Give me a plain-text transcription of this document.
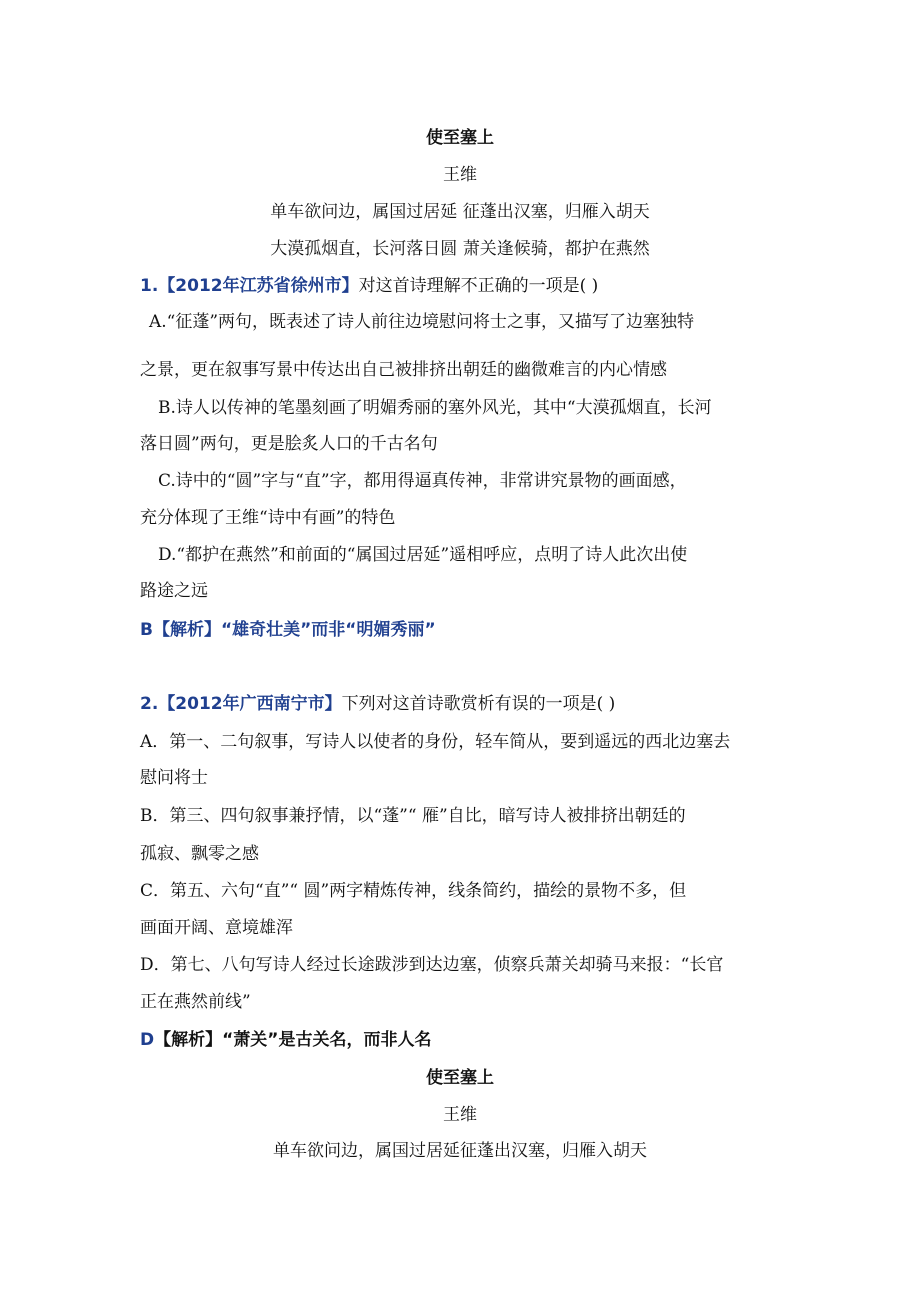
使至塞上
王维
单车欲问边，属国过居延 征蓬出汉塞，归雁入胡天
大漠孤烟直，长河落日圆 萧关逢候骑，都护在燕然
1.【2012年江苏省徐州市】对这首诗理解不正确的一项是( )
A.“征蓬”两句，既表述了诗人前往边境慰问将士之事，又描写了边塞独特
之景，更在叙事写景中传达出自己被排挤出朝廷的幽微难言的内心情感
B.诗人以传神的笔墨刻画了明媚秀丽的塞外风光，其中“大漠孤烟直，长河
落日圆”两句，更是脍炙人口的千古名句
C.诗中的“圆”字与“直”字，都用得逼真传神，非常讲究景物的画面感，
充分体现了王维“诗中有画”的特色
D.“都护在燕然”和前面的“属国过居延”遥相呼应，点明了诗人此次出使
路途之远
B【解析】“雄奇壮美”而非“明媚秀丽”
2.【2012年广西南宁市】下列对这首诗歌赏析有误的一项是( )
A．第一、二句叙事，写诗人以使者的身份，轻车简从，要到遥远的西北边塞去
慰问将士
B．第三、四句叙事兼抒情，以“蓬”“ 雁”自比，暗写诗人被排挤出朝廷的
孤寂、飘零之感
C．第五、六句“直”“ 圆”两字精炼传神，线条简约，描绘的景物不多，但
画面开阔、意境雄浑
D．第七、八句写诗人经过长途跋涉到达边塞，侦察兵萧关却骑马来报：“长官
正在燕然前线”
D【解析】“萧关”是古关名，而非人名
使至塞上
王维
单车欲问边，属国过居延征蓬出汉塞，归雁入胡天
